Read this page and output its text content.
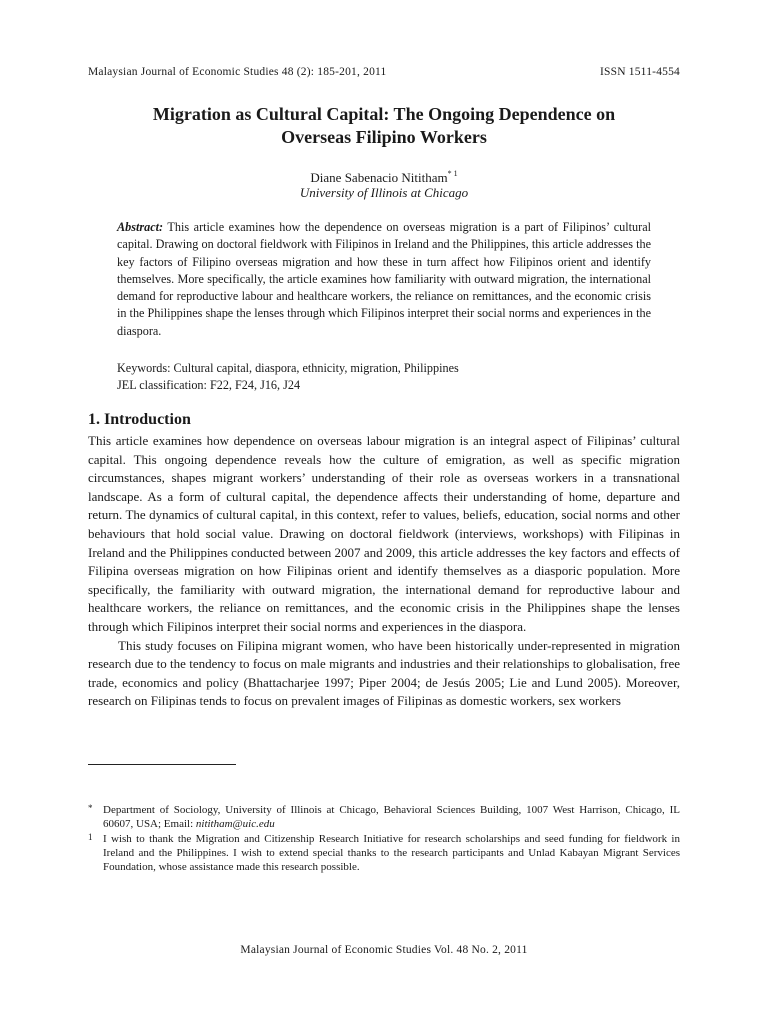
Malaysian Journal of Economic Studies 48 (2): 185-201, 2011	ISSN 1511-4554
Migration as Cultural Capital: The Ongoing Dependence on
Overseas Filipino Workers
Diane Sabenacio Nititham$^{* 1}$
University of Illinois at Chicago
Abstract: This article examines how the dependence on overseas migration is a part of Filipinos’ cultural capital. Drawing on doctoral fieldwork with Filipinos in Ireland and the Philippines, this article addresses the key factors of Filipino overseas migration and how these in turn affect how Filipinos orient and identify themselves. More specifically, the article examines how familiarity with outward migration, the international demand for reproductive labour and healthcare workers, the reliance on remittances, and the economic crisis in the Philippines shape the lenses through which Filipinos interpret their social norms and experiences in the diaspora.
Keywords: Cultural capital, diaspora, ethnicity, migration, Philippines
JEL classification: F22, F24, J16, J24
1. Introduction

This article examines how dependence on overseas labour migration is an integral aspect of Filipinas’ cultural capital. This ongoing dependence reveals how the culture of emigration, as well as specific migration circumstances, shapes migrant workers’ understanding of their role as overseas workers in a transnational landscape. As a form of cultural capital, the dependence affects their understanding of home, departure and return. The dynamics of cultural capital, in this context, refer to values, beliefs, education, social norms and other behaviours that hold social value. Drawing on doctoral fieldwork (interviews, workshops) with Filipinas in Ireland and the Philippines conducted between 2007 and 2009, this article addresses the key factors and effects of Filipina overseas migration on how Filipinas orient and identify themselves as a diasporic population. More specifically, the familiarity with outward migration, the international demand for reproductive labour and healthcare workers, the reliance on remittances, and the economic crisis in the Philippines shape the lenses through which Filipinos interpret their social norms and experiences in the diaspora.

This study focuses on Filipina migrant women, who have been historically under-represented in migration research due to the tendency to focus on male migrants and industries and their relationships to globalisation, free trade, economics and policy (Bhattacharjee 1997; Piper 2004; de Jesús 2005; Lie and Lund 2005). Moreover, research on Filipinas tends to focus on prevalent images of Filipinas as domestic workers, sex workers

* Department of Sociology, University of Illinois at Chicago, Behavioral Sciences Building, 1007 West Harrison, Chicago, IL 60607, USA; Email: nititham@uic.edu
1 I wish to thank the Migration and Citizenship Research Initiative for research scholarships and seed funding for fieldwork in Ireland and the Philippines. I wish to extend special thanks to the research participants and Unlad Kabayan Migrant Services Foundation, whose assistance made this research possible.
Malaysian Journal of Economic Studies Vol. 48 No. 2, 2011
